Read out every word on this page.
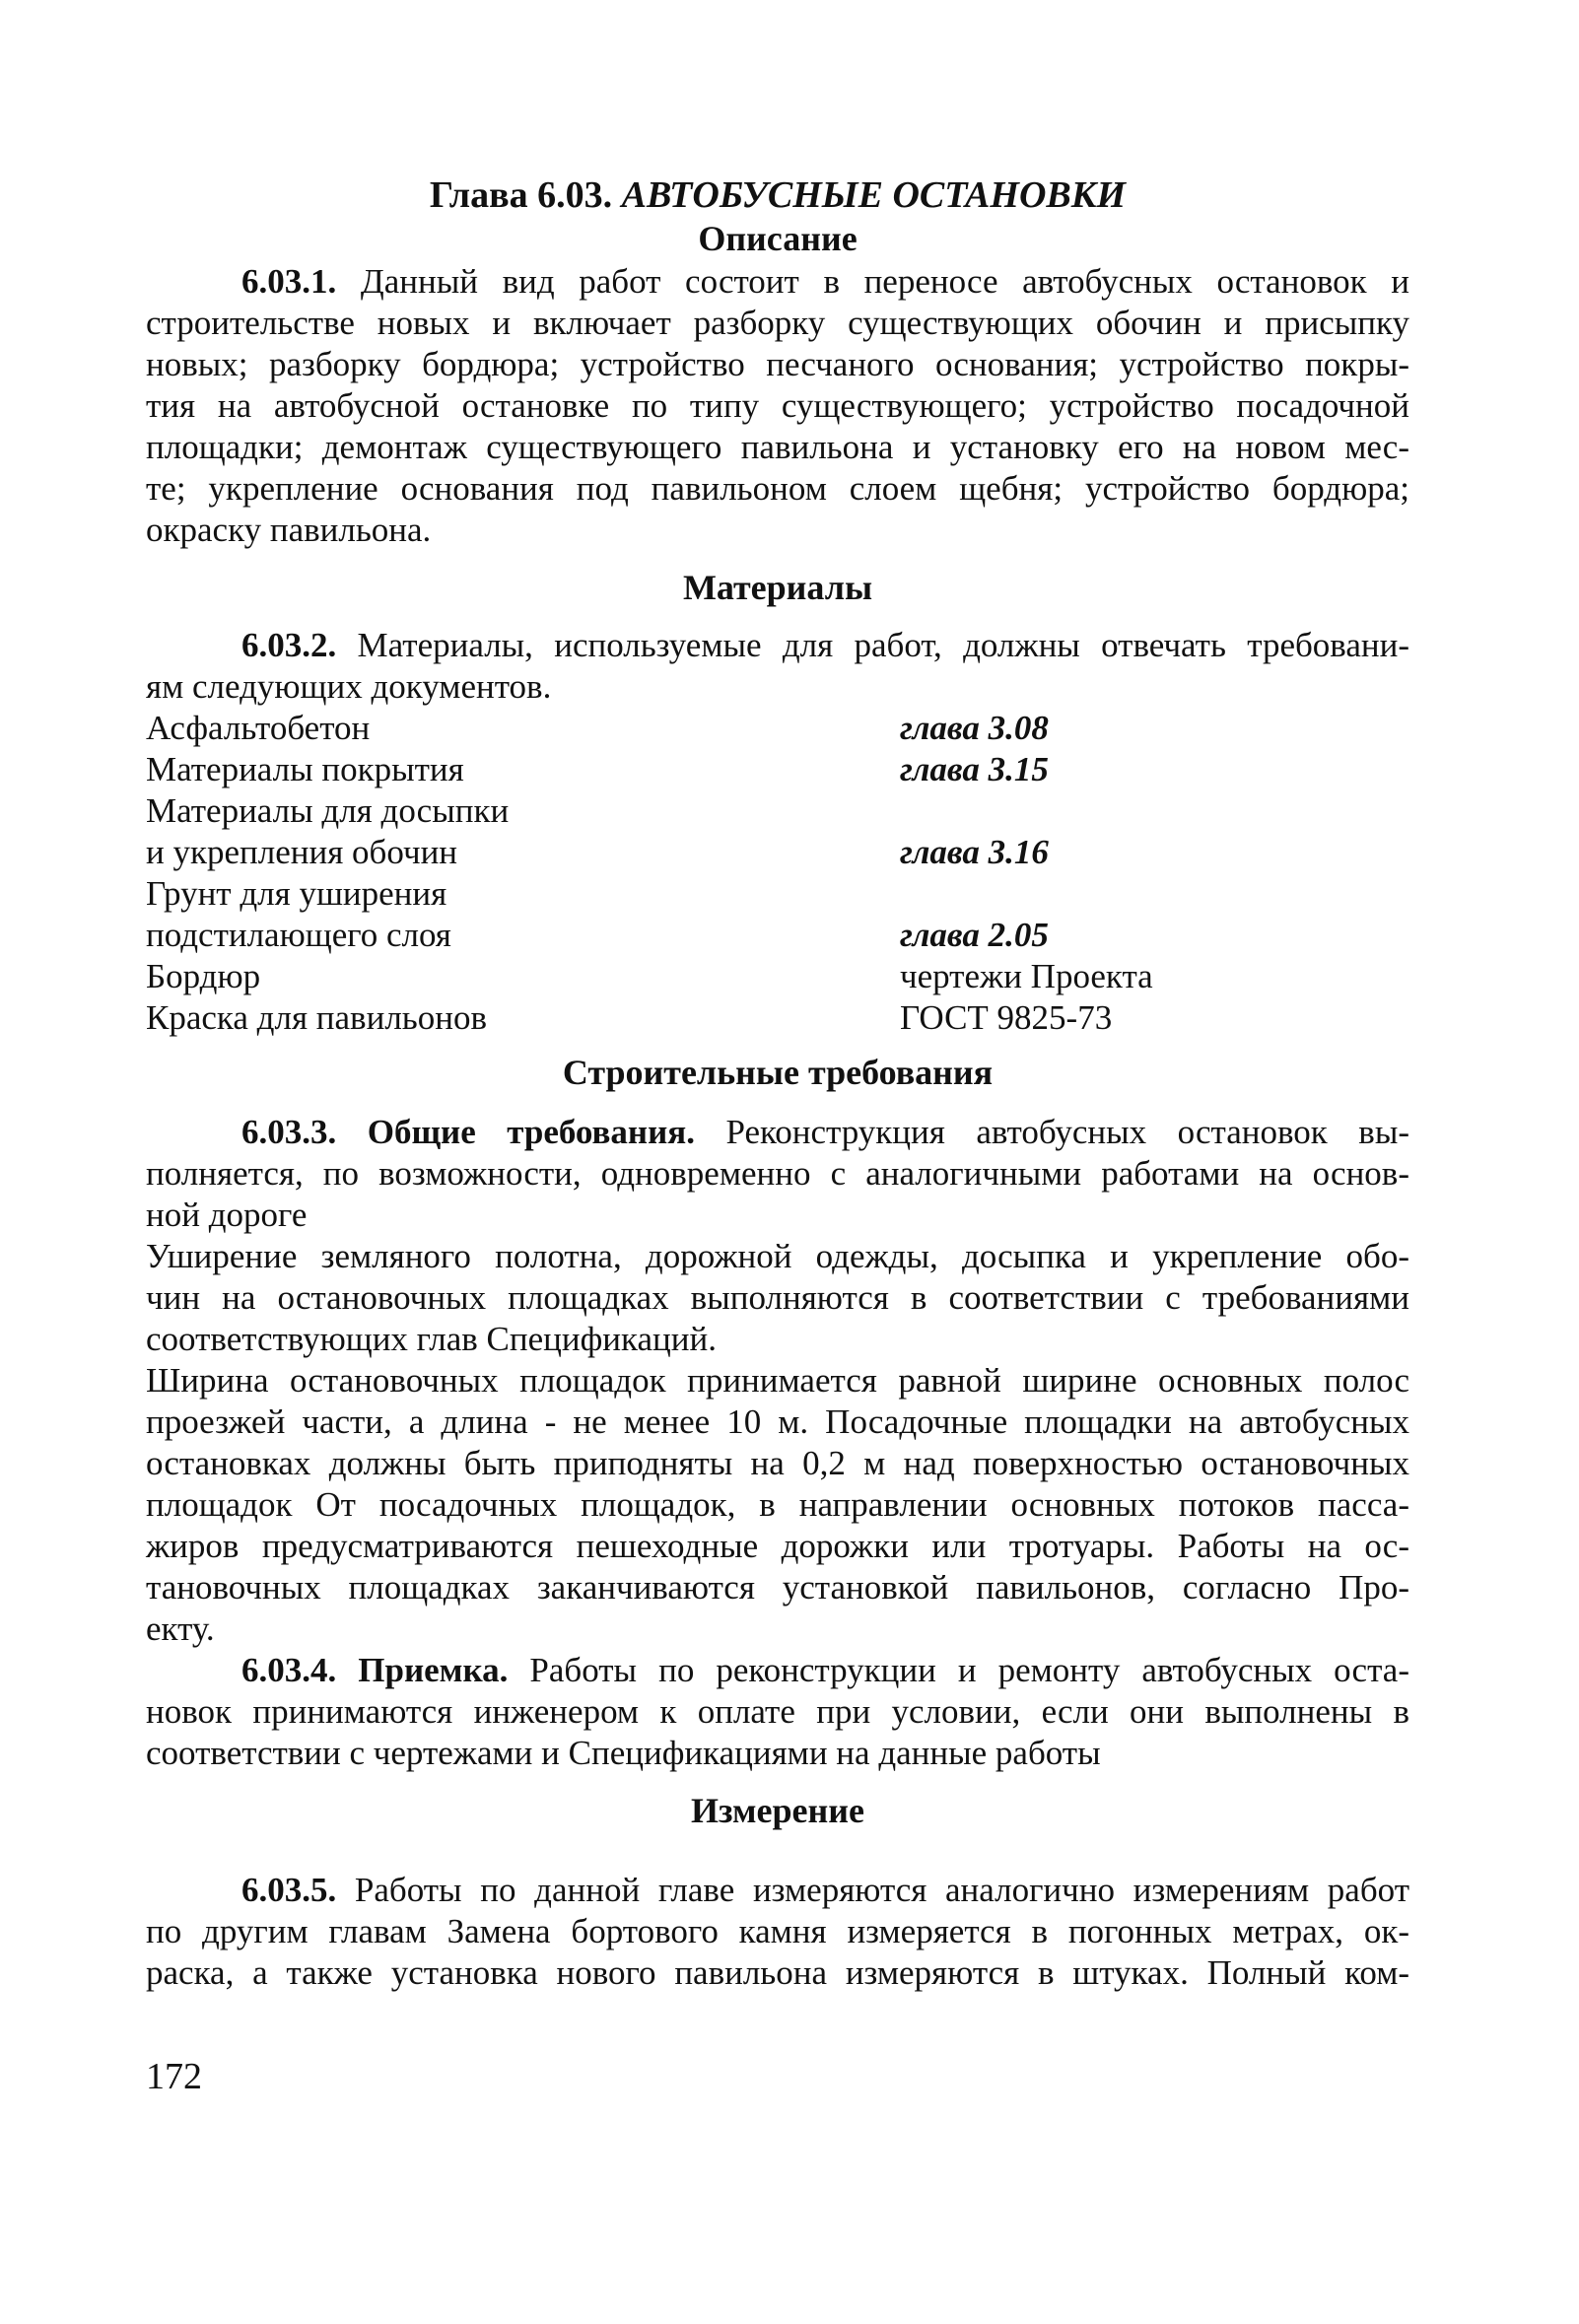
Глава 6.03. АВТОБУСНЫЕ ОСТАНОВКИ
Описание
6.03.1. Данный вид работ состоит в переносе автобусных остановок и
строительстве новых и включает разборку существующих обочин и присыпку
новых; разборку бордюра; устройство песчаного основания; устройство покры-
тия на автобусной остановке по типу существующего; устройство посадочной
площадки; демонтаж существующего павильона и установку его на новом мес-
те; укрепление основания под павильоном слоем щебня; устройство бордюра;
окраску павильона.
Материалы
6.03.2. Материалы, используемые для работ, должны отвечать требовани-
ям следующих документов.
Асфальтобетон	глава 3.08
Материалы покрытия	глава 3.15
Материалы для досыпки
и укрепления обочин	глава 3.16
Грунт для уширения
подстилающего слоя	глава 2.05
Бордюр	чертежи Проекта
Краска для павильонов	ГОСТ 9825-73
Строительные требования
6.03.3. Общие требования. Реконструкция автобусных остановок вы-
полняется, по возможности, одновременно с аналогичными работами на основ-
ной дороге
Уширение земляного полотна, дорожной одежды, досыпка и укрепление обо-
чин на остановочных площадках выполняются в соответствии с требованиями
соответствующих глав Спецификаций.
Ширина остановочных площадок принимается равной ширине основных полос
проезжей части, а длина - не менее 10 м. Посадочные площадки на автобусных
остановках должны быть приподняты на 0,2 м над поверхностью остановочных
площадок От посадочных площадок, в направлении основных потоков пасса-
жиров предусматриваются пешеходные дорожки или тротуары. Работы на ос-
тановочных площадках заканчиваются установкой павильонов, согласно Про-
екту.
6.03.4. Приемка. Работы по реконструкции и ремонту автобусных оста-
новок принимаются инженером к оплате при условии, если они выполнены в
соответствии с чертежами и Спецификациями на данные работы
Измерение
6.03.5. Работы по данной главе измеряются аналогично измерениям работ
по другим главам Замена бортового камня измеряется в погонных метрах, ок-
раска, а также установка нового павильона измеряются в штуках. Полный ком-
172
